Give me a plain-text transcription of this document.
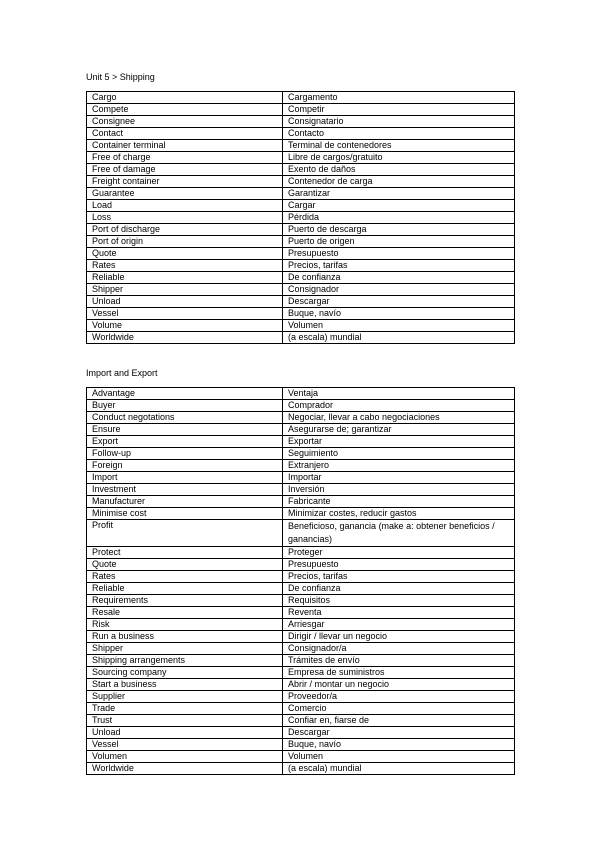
Unit 5 > Shipping
Cargo	Cargamento
Compete	Competir
Consignee	Consignatario
Contact	Contacto
Container terminal	Terminal de contenedores
Free of charge	Libre de cargos/gratuito
Free of damage	Exento de daños
Freight container	Contenedor de carga
Guarantee	Garantizar
Load	Cargar
Loss	Pérdida
Port of discharge	Puerto de descarga
Port of origin	Puerto de origen
Quote	Presupuesto
Rates	Precios, tarifas
Reliable	De confianza
Shipper	Consignador
Unload	Descargar
Vessel	Buque, navío
Volume	Volumen
Worldwide	(a escala) mundial
Import and Export
Advantage	Ventaja
Buyer	Comprador
Conduct negotations	Negociar, llevar a cabo negociaciones
Ensure	Asegurarse de; garantizar
Export	Exportar
Follow-up	Seguimiento
Foreign	Extranjero
Import	Importar
Investment	Inversión
Manufacturer	Fabricante
Minimise cost	Minimizar costes, reducir gastos
Profit	Beneficioso, ganancia (make a: obtener beneficios / ganancias)
Protect	Proteger
Quote	Presupuesto
Rates	Precios, tarifas
Reliable	De confianza
Requirements	Requisitos
Resale	Reventa
Risk	Arriesgar
Run a business	Dirigir / llevar un negocio
Shipper	Consignador/a
Shipping arrangements	Trámites de envío
Sourcing company	Empresa de suministros
Start a business	Abrir / montar un negocio
Supplier	Proveedor/a
Trade	Comercio
Trust	Confiar en, fiarse de
Unload	Descargar
Vessel	Buque, navío
Volumen	Volumen
Worldwide	(a escala) mundial
